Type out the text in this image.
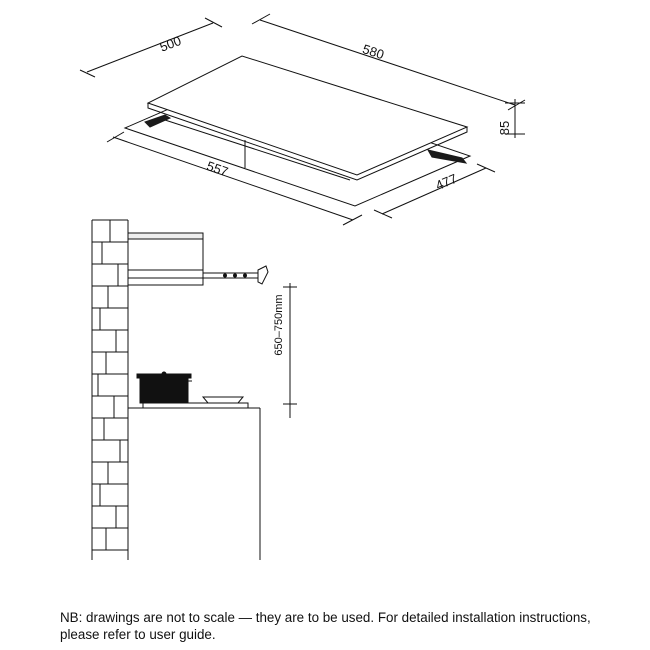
500	580
85
557
477
650–750mm

NB: drawings are not to scale — they are to be used. For detailed installation instructions,
please refer to user guide.
